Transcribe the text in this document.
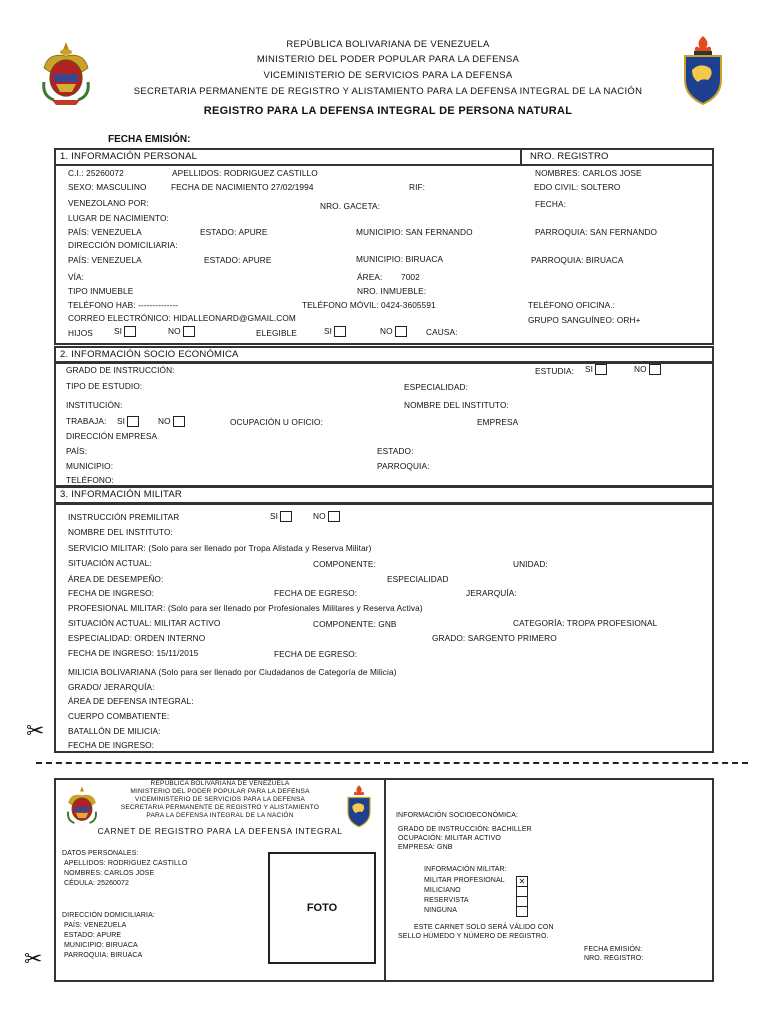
REPÚBLICA BOLIVARIANA DE VENEZUELA
MINISTERIO DEL PODER POPULAR PARA LA DEFENSA
VICEMINISTERIO DE SERVICIOS PARA LA DEFENSA
SECRETARIA PERMANENTE DE REGISTRO Y ALISTAMIENTO PARA LA DEFENSA INTEGRAL DE LA NACIÓN
REGISTRO PARA LA DEFENSA INTEGRAL DE PERSONA NATURAL
FECHA EMISIÓN:
1. INFORMACIÓN PERSONAL	NRO. REGISTRO
C.I.: 25260072	APELLIDOS: RODRIGUEZ CASTILLO	NOMBRES: CARLOS JOSE
SEXO: MASCULINO	FECHA DE NACIMIENTO 27/02/1994	RIF:	EDO CIVIL: SOLTERO
VENEZOLANO POR:	NRO. GACETA:	FECHA:
LUGAR DE NACIMIENTO:
PAÍS: VENEZUELA	ESTADO: APURE	MUNICIPIO: SAN FERNANDO	PARROQUIA: SAN FERNANDO
DIRECCIÓN DOMICILIARIA:
PAÍS: VENEZUELA	ESTADO: APURE	MUNICIPIO: BIRUACA	PARROQUIA: BIRUACA
VÍA:	ÁREA: 7002
TIPO INMUEBLE	NRO. INMUEBLE:
TELÉFONO HAB: --------------	TELÉFONO MÓVIL: 0424-3605591	TELÉFONO OFICINA.:
CORREO ELECTRÓNICO: HIDALLEONARD@GMAIL.COM	GRUPO SANGUÍNEO: ORH+
HIJOS	SI	NO	ELEGIBLE	SI	NO	CAUSA:
2. INFORMACIÓN SOCIO ECONÓMICA
GRADO DE INSTRUCCIÓN:	ESTUDIA: SI	NO
TIPO DE ESTUDIO:	ESPECIALIDAD:
INSTITUCIÓN:	NOMBRE DEL INSTITUTO:
TRABAJA: SI	NO	OCUPACIÓN U OFICIO:	EMPRESA
DIRECCIÓN EMPRESA
PAÍS:	ESTADO:
MUNICIPIO:	PARROQUIA:
TELÉFONO:
3. INFORMACIÓN MILITAR
INSTRUCCIÓN PREMILITAR	SI	NO
NOMBRE DEL INSTITUTO:
SERVICIO MILITAR: (Solo para ser llenado por Tropa Alistada y Reserva Militar)
SITUACIÓN ACTUAL:	COMPONENTE:	UNIDAD:
ÁREA DE DESEMPEÑO:	ESPECIALIDAD
FECHA DE INGRESO:	FECHA DE EGRESO:	JERARQUÍA:
PROFESIONAL MILITAR: (Solo para ser llenado por Profesionales Militares y Reserva Activa)
SITUACIÓN ACTUAL: MILITAR ACTIVO	COMPONENTE: GNB	CATEGORÍA: TROPA PROFESIONAL
ESPECIALIDAD: ORDEN INTERNO	GRADO: SARGENTO PRIMERO
FECHA DE INGRESO: 15/11/2015	FECHA DE EGRESO:
MILICIA BOLIVARIANA (Solo para ser llenado por Ciudadanos de Categoría de Milicia)
GRADO/ JERARQUÍA:
ÁREA DE DEFENSA INTEGRAL:
CUERPO COMBATIENTE:
BATALLÓN DE MILICIA:
FECHA DE INGRESO:
✂
REPÚBLICA BOLIVARIANA DE VENEZUELA
MINISTERIO DEL PODER POPULAR PARA LA DEFENSA
VICEMINISTERIO DE SERVICIOS PARA LA DEFENSA
SECRETARIA PERMANENTE DE REGISTRO Y ALISTAMIENTO
PARA LA DEFENSA INTEGRAL DE LA NACIÓN
CARNET DE REGISTRO PARA LA DEFENSA INTEGRAL
DATOS PERSONALES:
APELLIDOS: RODRIGUEZ CASTILLO
NOMBRES: CARLOS JOSE
CÉDULA: 25260072
DIRECCIÓN DOMICILIARIA:
PAÍS: VENEZUELA
ESTADO: APURE
MUNICIPIO: BIRUACA
PARROQUIA: BIRUACA
FOTO
INFORMACIÓN SOCIOECONÓMICA:
GRADO DE INSTRUCCIÓN: BACHILLER
OCUPACIÓN: MILITAR ACTIVO
EMPRESA: GNB
INFORMACIÓN MILITAR:
MILITAR PROFESIONAL
✕
MILICIANO
RESERVISTA
NINGUNA
ESTE CARNET SOLO SERÁ VÁLIDO CON
SELLO HÚMEDO Y NÚMERO DE REGISTRO.
FECHA EMISIÓN:
NRO. REGISTRO:
✂
